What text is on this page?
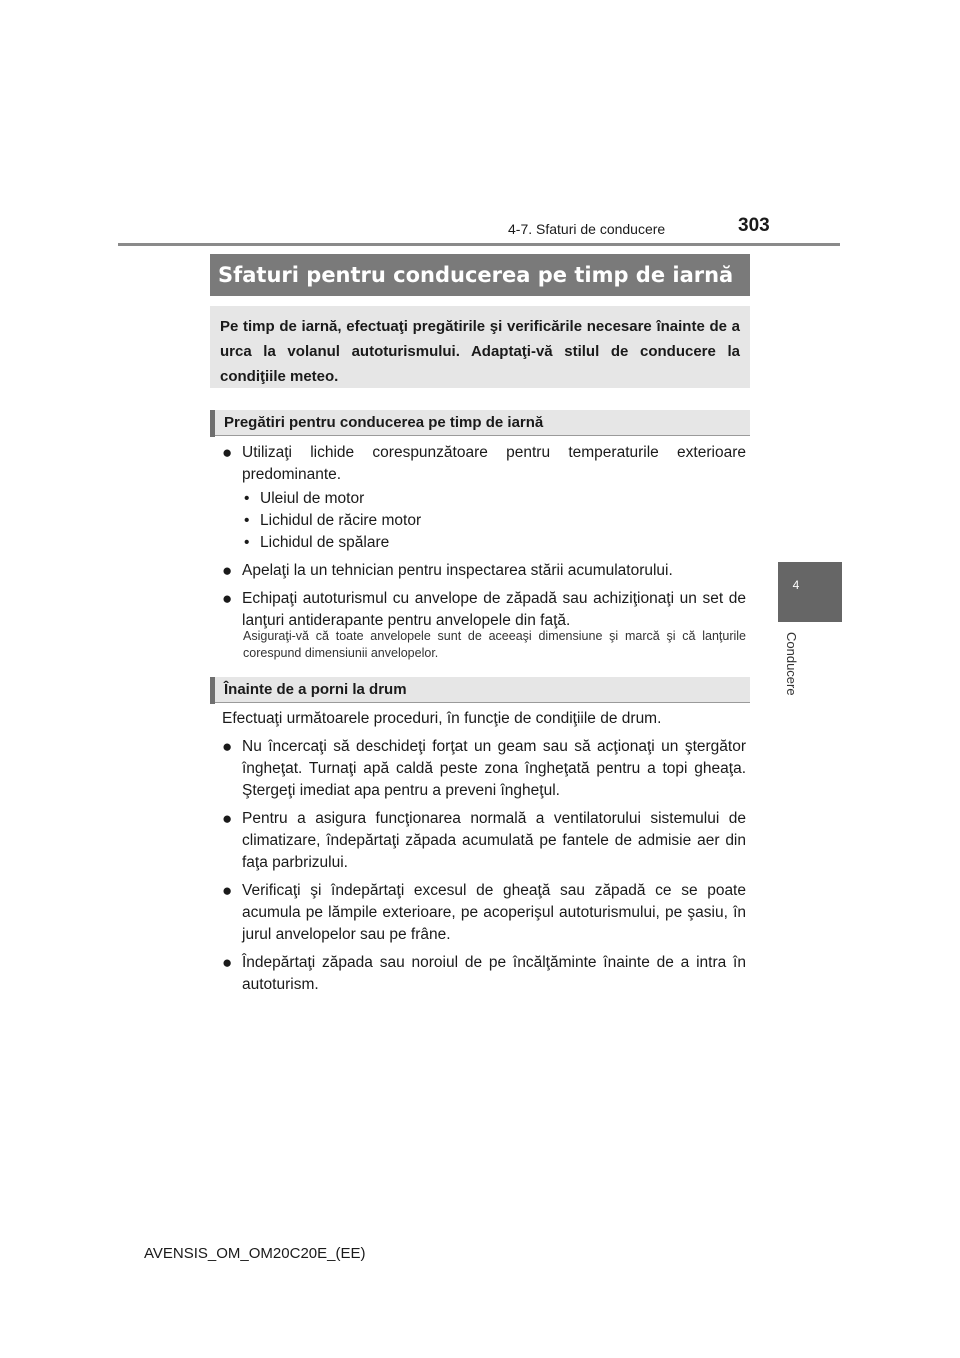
4-7. Sfaturi de conducere	303
4
Conducere
Sfaturi pentru conducerea pe timp de iarnă
Pe timp de iarnă, efectuaţi pregătirile şi verificările necesare înainte de a urca la volanul autoturismului. Adaptaţi-vă stilul de conducere la condiţiile meteo.
Pregătiri pentru conducerea pe timp de iarnă
● Utilizaţi lichide corespunzătoare pentru temperaturile exterioare predominante.
• Uleiul de motor
• Lichidul de răcire motor
• Lichidul de spălare
● Apelaţi la un tehnician pentru inspectarea stării acumulatorului.
● Echipaţi autoturismul cu anvelope de zăpadă sau achiziţionaţi un set de lanţuri antiderapante pentru anvelopele din faţă.
Asiguraţi-vă că toate anvelopele sunt de aceeaşi dimensiune şi marcă şi că lanţurile corespund dimensiunii anvelopelor.
Înainte de a porni la drum
Efectuaţi următoarele proceduri, în funcţie de condiţiile de drum.
● Nu încercaţi să deschideţi forţat un geam sau să acţionaţi un ştergător îngheţat. Turnaţi apă caldă peste zona îngheţată pentru a topi gheaţa. Ştergeţi imediat apa pentru a preveni îngheţul.
● Pentru a asigura funcţionarea normală a ventilatorului sistemului de climatizare, îndepărtaţi zăpada acumulată pe fantele de admisie aer din faţa parbrizului.
● Verificaţi şi îndepărtaţi excesul de gheaţă sau zăpadă ce se poate acumula pe lămpile exterioare, pe acoperişul autoturismului, pe şasiu, în jurul anvelopelor sau pe frâne.
● Îndepărtaţi zăpada sau noroiul de pe încălţăminte înainte de a intra în autoturism.
AVENSIS_OM_OM20C20E_(EE)
